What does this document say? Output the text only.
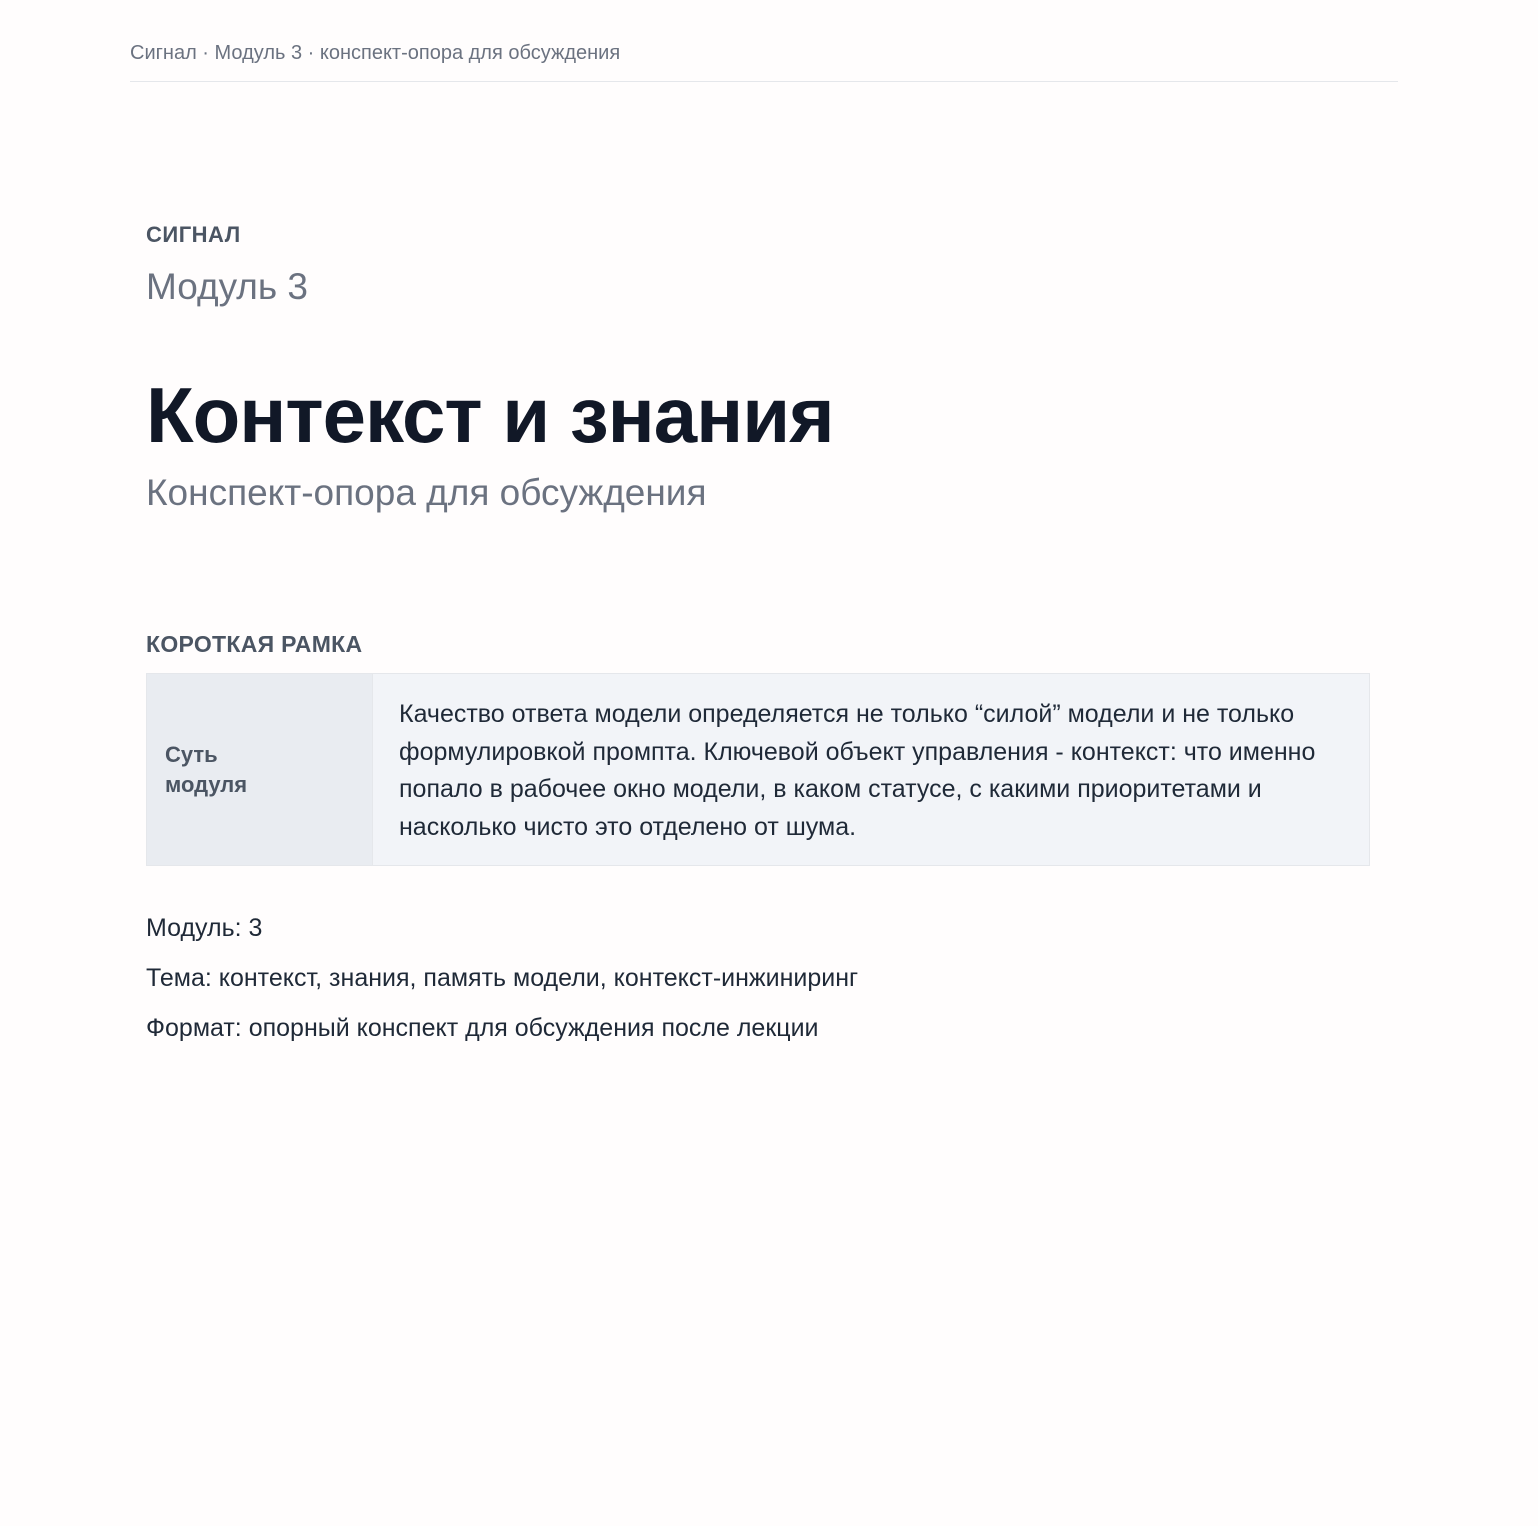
Сигнал · Модуль 3 · конспект-опора для обсуждения
СИГНАЛ
Модуль 3
Контекст и знания
Конспект-опора для обсуждения
КОРОТКАЯ РАМКА
Суть модуля
Качество ответа модели определяется не только “силой” модели и не только формулировкой промпта. Ключевой объект управления - контекст: что именно попало в рабочее окно модели, в каком статусе, с какими приоритетами и насколько чисто это отделено от шума.
Модуль: 3
Тема: контекст, знания, память модели, контекст-инжиниринг
Формат: опорный конспект для обсуждения после лекции
